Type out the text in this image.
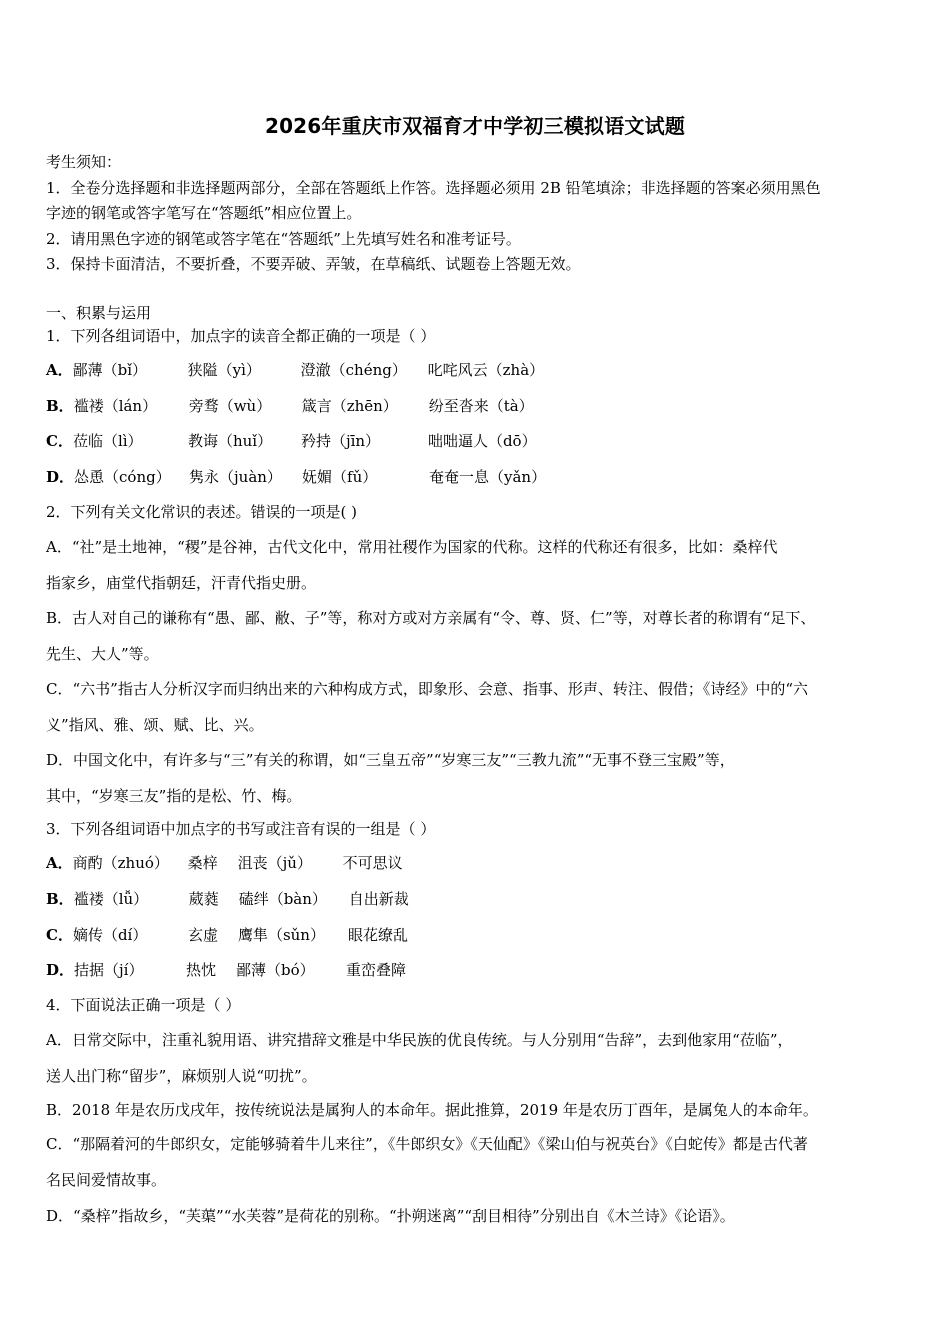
2026年重庆市双福育才中学初三模拟语文试题
考生须知：
1．全卷分选择题和非选择题两部分，全部在答题纸上作答。选择题必须用 2B 铅笔填涂；非选择题的答案必须用黑色
字迹的钢笔或答字笔写在“答题纸”相应位置上。
2．请用黑色字迹的钢笔或答字笔在“答题纸”上先填写姓名和准考证号。
3．保持卡面清洁，不要折叠，不要弄破、弄皱，在草稿纸、试题卷上答题无效。
一、积累与运用
1．下列各组词语中，加点字的读音全都正确的一项是（ ）
A．鄙薄（bǐ）	狭隘（yì）	澄澈（chéng） 叱咤风云（zhà）
B．褴褛（lán） 旁骛（wù） 箴言（zhēn） 纷至沓来（tà）
C．莅临（lì）	教诲（huǐ） 矜持（jīn）	咄咄逼人（dō）
D．怂恿（cóng） 隽永（juàn） 妩媚（fǔ）	奄奄一息（yǎn）
2．下列有关文化常识的表述。错误的一项是( )
A．“社”是土地神，“稷”是谷神，古代文化中，常用社稷作为国家的代称。这样的代称还有很多，比如：桑梓代
指家乡，庙堂代指朝廷，汗青代指史册。
B．古人对自己的谦称有“愚、鄙、敝、子”等，称对方或对方亲属有“令、尊、贤、仁”等，对尊长者的称谓有“足下、
先生、大人”等。
C．“六书”指古人分析汉字而归纳出来的六种构成方式，即象形、会意、指事、形声、转注、假借；《诗经》中的“六
义”指风、雅、颂、赋、比、兴。
D．中国文化中，有许多与“三”有关的称谓，如“三皇五帝”“岁寒三友”“三教九流”“无事不登三宝殿”等，
其中，“岁寒三友”指的是松、竹、梅。
3．下列各组词语中加点字的书写或注音有误的一组是（ ）
A．商酌（zhuó） 桑梓 沮丧（jǔ） 不可思议
B．褴褛（lǚ）	葳蕤 磕绊（bàn） 自出新裁
C．嫡传（dí）	玄虚 鹰隼（sǔn） 眼花缭乱
D．拮据（jí）	热忱 鄙薄（bó） 重峦叠障
4．下面说法正确一项是（ ）
A．日常交际中，注重礼貌用语、讲究措辞文雅是中华民族的优良传统。与人分别用“告辞”，去到他家用“莅临”，
送人出门称“留步”，麻烦别人说“叨扰”。
B．2018 年是农历戊戌年，按传统说法是属狗人的本命年。据此推算，2019 年是农历丁酉年，是属兔人的本命年。
C．“那隔着河的牛郎织女，定能够骑着牛儿来往”，《牛郎织女》《天仙配》《梁山伯与祝英台》《白蛇传》都是古代著
名民间爱情故事。
D．“桑梓”指故乡，“芙蕖”“水芙蓉”是荷花的别称。“扑朔迷离”“刮目相待”分别出自《木兰诗》《论语》。
